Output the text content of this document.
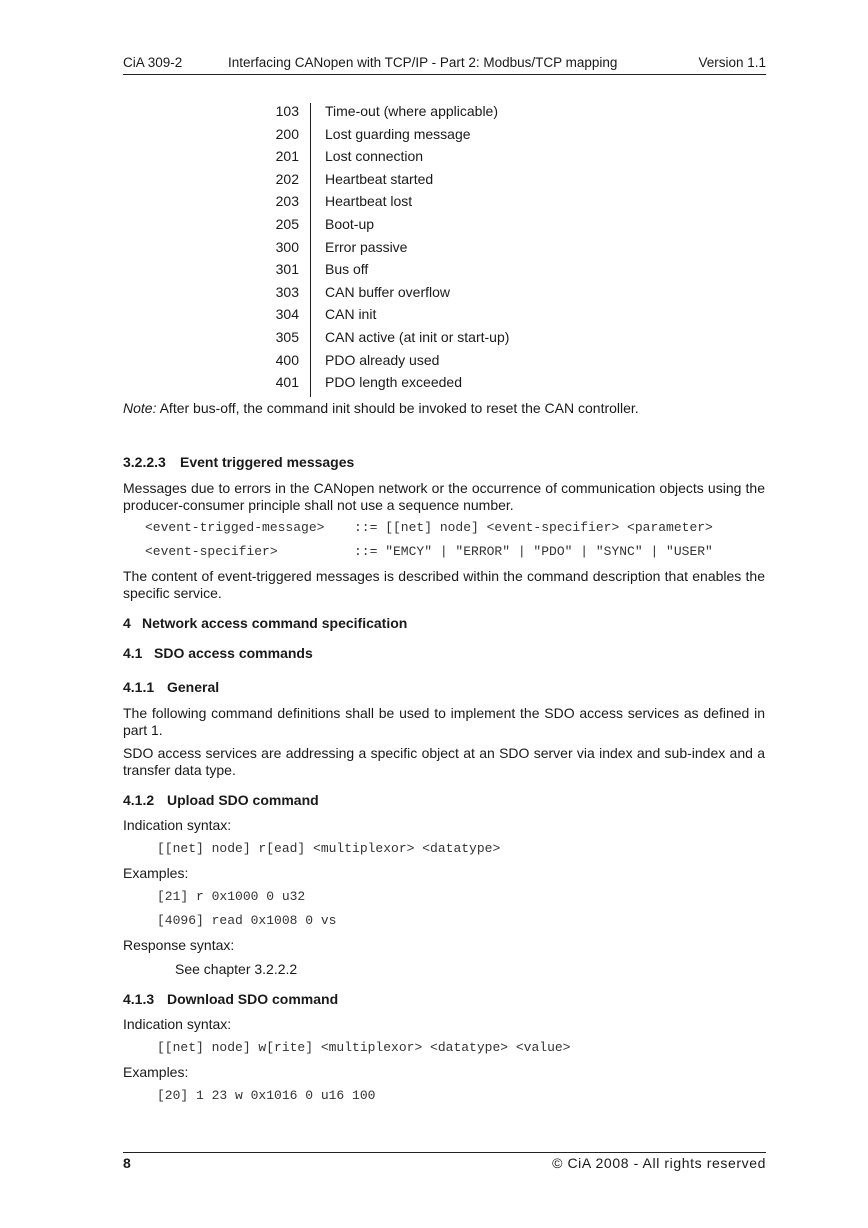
CiA 309-2	Interfacing CANopen with TCP/IP - Part 2: Modbus/TCP mapping	Version 1.1
103 Time-out (where applicable)
200 Lost guarding message
201 Lost connection
202 Heartbeat started
203 Heartbeat lost
205 Boot-up
300 Error passive
301 Bus off
303 CAN buffer overflow
304 CAN init
305 CAN active (at init or start-up)
400 PDO already used
401 PDO length exceeded
Note: After bus-off, the command init should be invoked to reset the CAN controller.
3.2.2.3 Event triggered messages
Messages due to errors in the CANopen network or the occurrence of communication objects using the producer-consumer principle shall not use a sequence number.
<event-trigged-message> ::= [[net] node] <event-specifier> <parameter>
<event-specifier>	::= "EMCY" | "ERROR" | "PDO" | "SYNC" | "USER"
The content of event-triggered messages is described within the command description that enables the specific service.
4 Network access command specification
4.1 SDO access commands
4.1.1 General
The following command definitions shall be used to implement the SDO access services as defined in part 1.
SDO access services are addressing a specific object at an SDO server via index and sub-index and a transfer data type.
4.1.2 Upload SDO command
Indication syntax:
[[net] node] r[ead] <multiplexor> <datatype>
Examples:
[21] r 0x1000 0 u32
[4096] read 0x1008 0 vs
Response syntax:
See chapter 3.2.2.2
4.1.3 Download SDO command
Indication syntax:
[[net] node] w[rite] <multiplexor> <datatype> <value>
Examples:
[20] 1 23 w 0x1016 0 u16 100
8	© CiA 2008 - All rights reserved
